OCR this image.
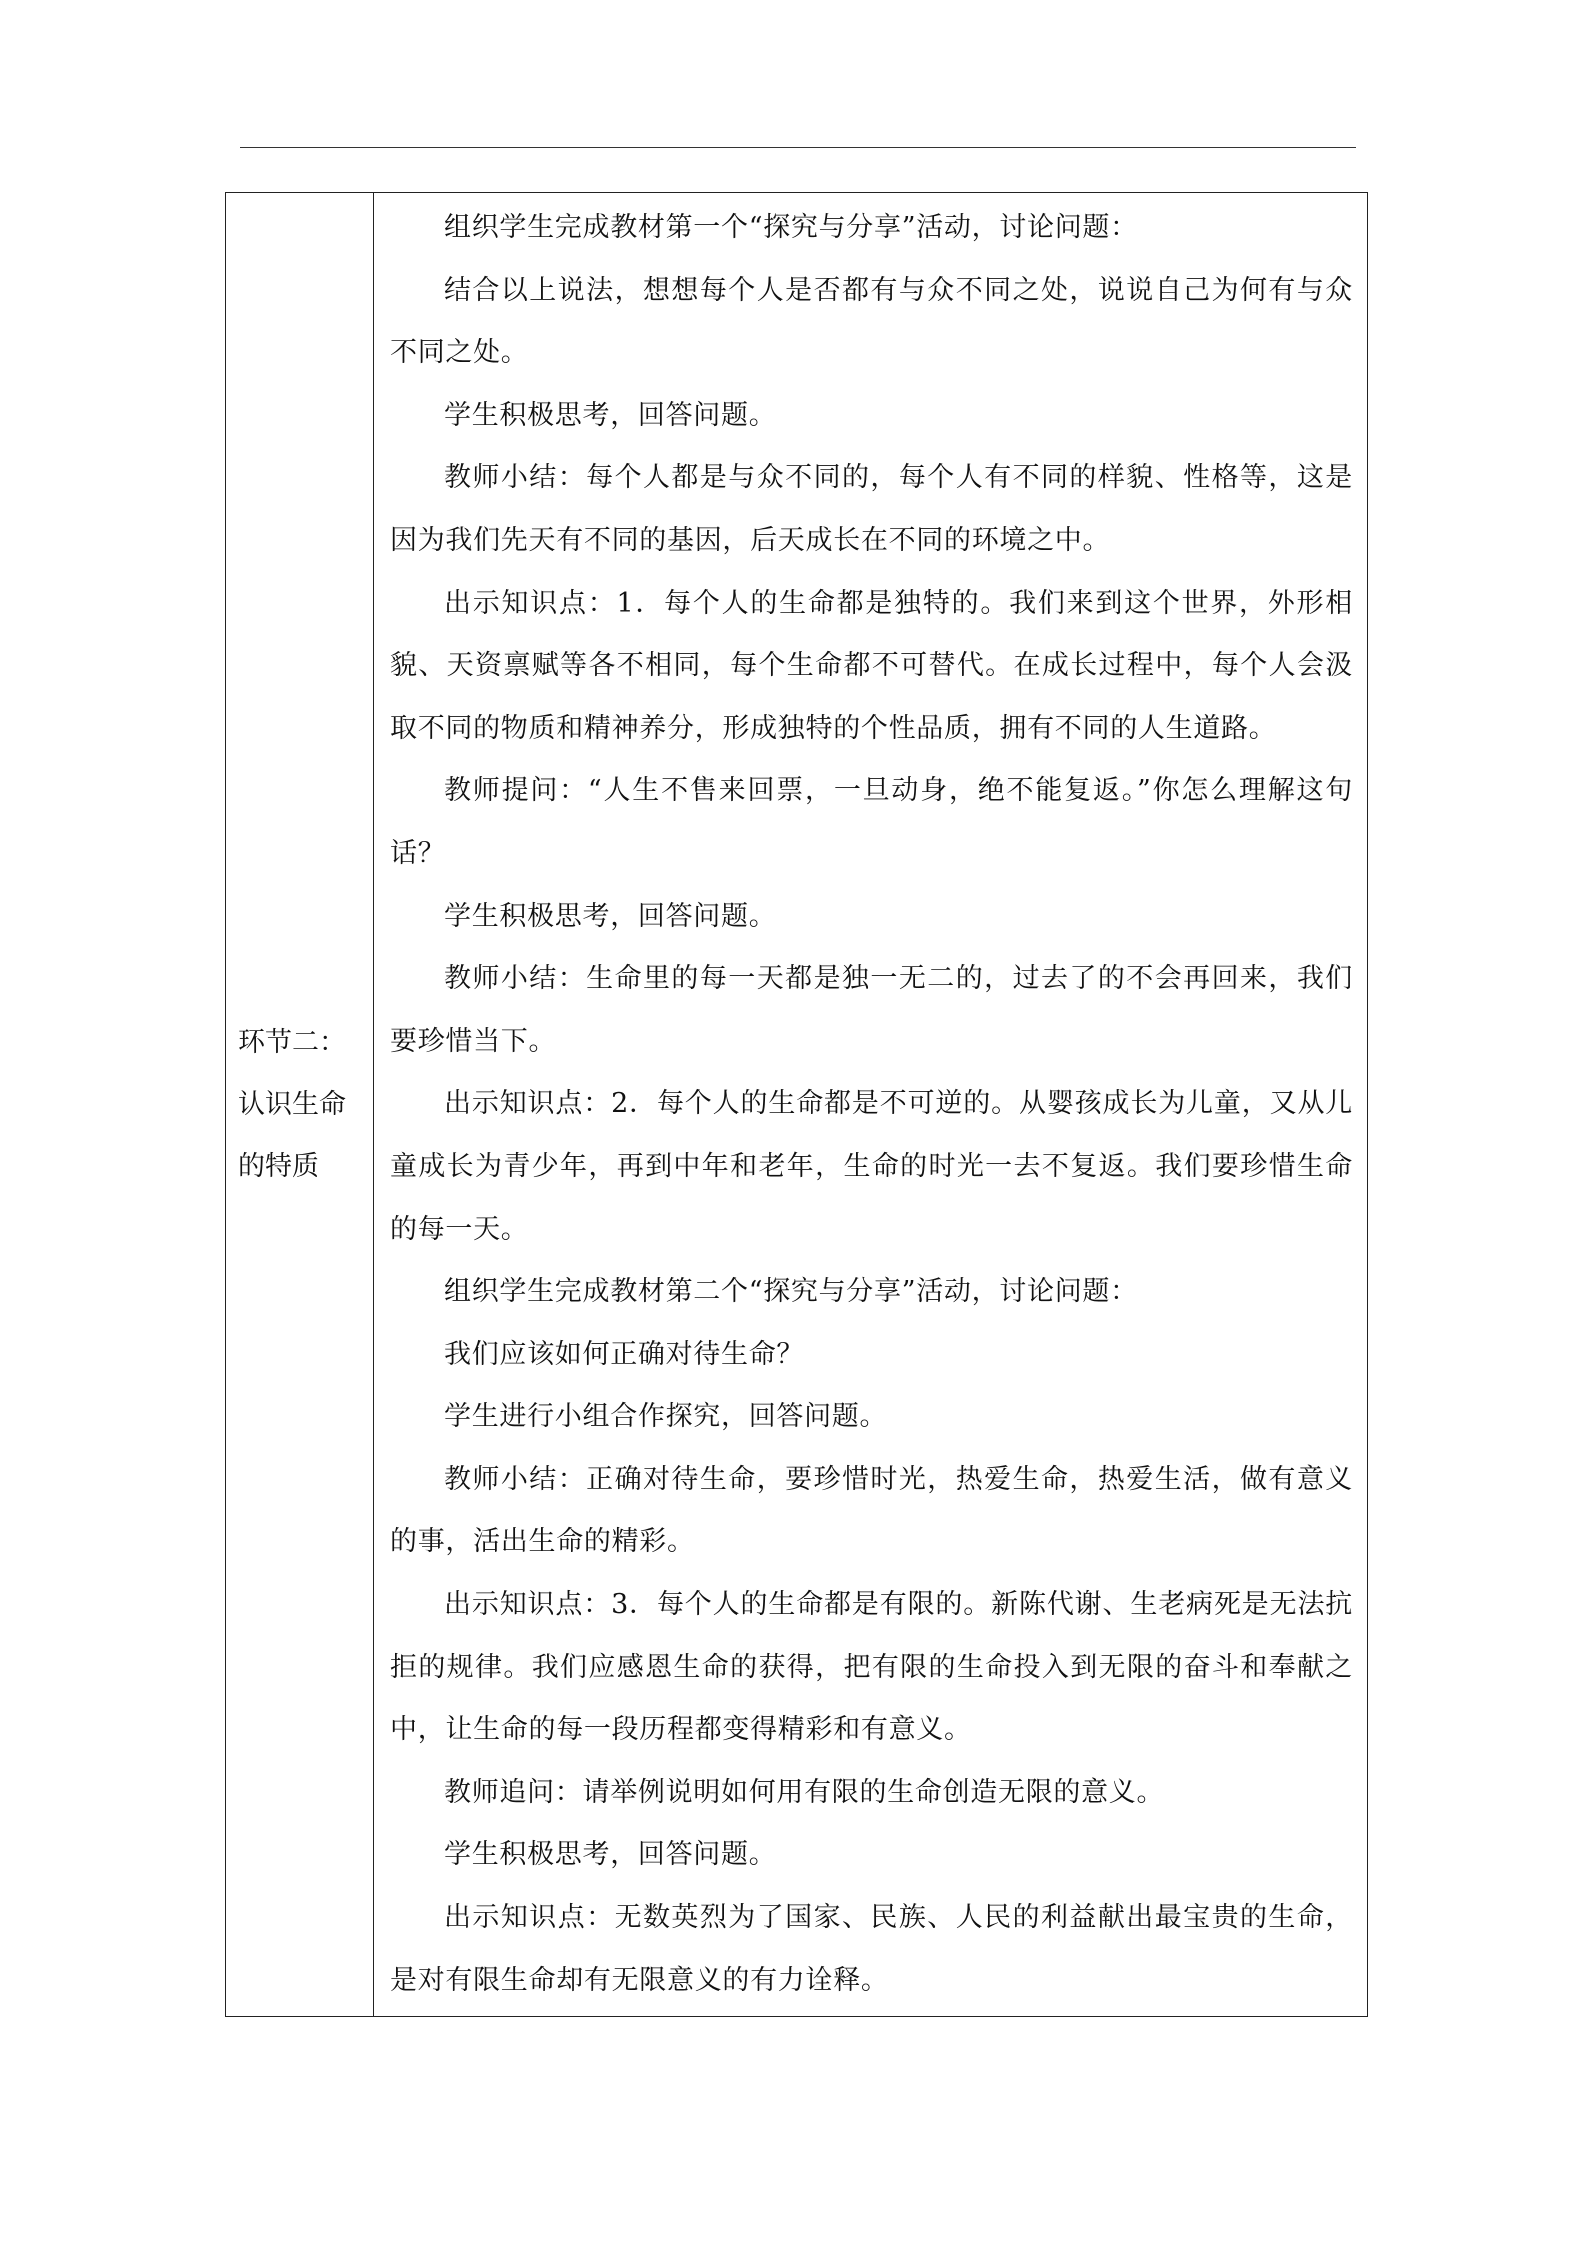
环节二：
认识生命
的特质

组织学生完成教材第一个“探究与分享”活动，讨论问题：

结合以上说法，想想每个人是否都有与众不同之处，说说自己为何有与众不同之处。

学生积极思考，回答问题。

教师小结：每个人都是与众不同的，每个人有不同的样貌、性格等，这是因为我们先天有不同的基因，后天成长在不同的环境之中。

出示知识点：1．每个人的生命都是独特的。我们来到这个世界，外形相貌、天资禀赋等各不相同，每个生命都不可替代。在成长过程中，每个人会汲取不同的物质和精神养分，形成独特的个性品质，拥有不同的人生道路。

教师提问：“人生不售来回票，一旦动身，绝不能复返。”你怎么理解这句话？

学生积极思考，回答问题。

教师小结：生命里的每一天都是独一无二的，过去了的不会再回来，我们要珍惜当下。

出示知识点：2．每个人的生命都是不可逆的。从婴孩成长为儿童，又从儿童成长为青少年，再到中年和老年，生命的时光一去不复返。我们要珍惜生命的每一天。

组织学生完成教材第二个“探究与分享”活动，讨论问题：

我们应该如何正确对待生命？

学生进行小组合作探究，回答问题。

教师小结：正确对待生命，要珍惜时光，热爱生命，热爱生活，做有意义的事，活出生命的精彩。

出示知识点：3．每个人的生命都是有限的。新陈代谢、生老病死是无法抗拒的规律。我们应感恩生命的获得，把有限的生命投入到无限的奋斗和奉献之中，让生命的每一段历程都变得精彩和有意义。

教师追问：请举例说明如何用有限的生命创造无限的意义。

学生积极思考，回答问题。

出示知识点：无数英烈为了国家、民族、人民的利益献出最宝贵的生命，是对有限生命却有无限意义的有力诠释。
